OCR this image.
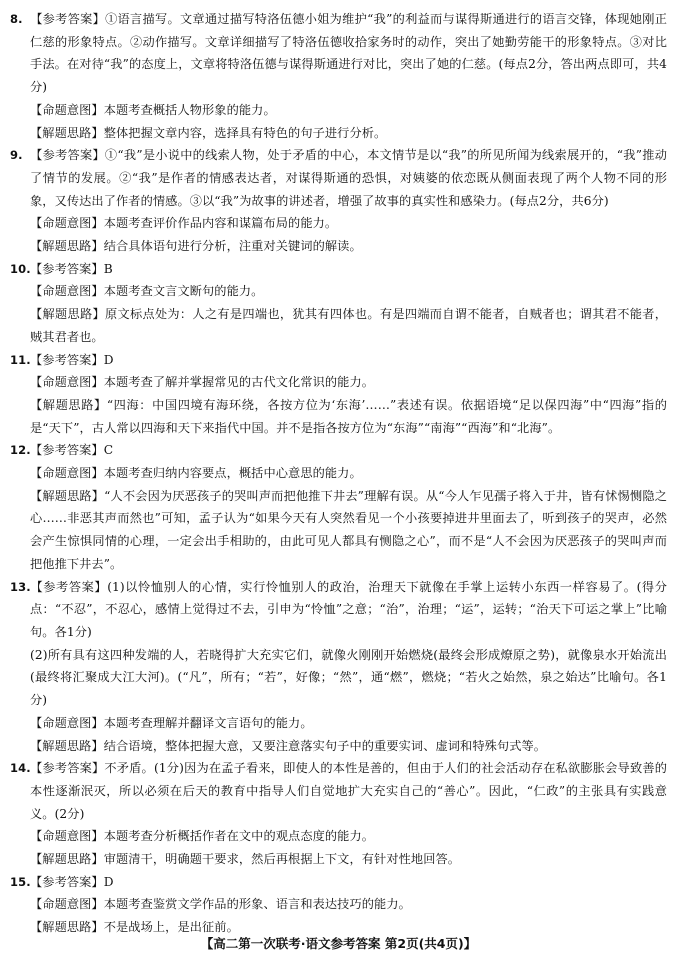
8. 【参考答案】①语言描写。文章通过描写特洛伍德小姐为维护“我”的利益而与谋得斯通进行的语言交锋，体现她刚正仁慈的形象特点。②动作描写。文章详细描写了特洛伍德收拾家务时的动作，突出了她勤劳能干的形象特点。③对比手法。在对待“我”的态度上，文章将特洛伍德与谋得斯通进行对比，突出了她的仁慈。(每点2分，答出两点即可，共4分)

【命题意图】本题考查概括人物形象的能力。

【解题思路】整体把握文章内容，选择具有特色的句子进行分析。

9. 【参考答案】①“我”是小说中的线索人物，处于矛盾的中心，本文情节是以“我”的所见所闻为线索展开的，“我”推动了情节的发展。②“我”是作者的情感表达者，对谋得斯通的恐惧，对姨婆的依恋既从侧面表现了两个人物不同的形象，又传达出了作者的情感。③以“我”为故事的讲述者，增强了故事的真实性和感染力。(每点2分，共6分)

【命题意图】本题考查评价作品内容和谋篇布局的能力。

【解题思路】结合具体语句进行分析，注重对关键词的解读。

10.【参考答案】B

【命题意图】本题考查文言文断句的能力。

【解题思路】原文标点处为：人之有是四端也，犹其有四体也。有是四端而自谓不能者，自贼者也；谓其君不能者，贼其君者也。

11.【参考答案】D

【命题意图】本题考查了解并掌握常见的古代文化常识的能力。

【解题思路】“四海：中国四境有海环绕，各按方位为‘东海’……”表述有误。依据语境“足以保四海”中“四海”指的是“天下”，古人常以四海和天下来指代中国。并不是指各按方位为“东海”“南海”“西海”和“北海”。

12.【参考答案】C

【命题意图】本题考查归纳内容要点，概括中心意思的能力。

【解题思路】“人不会因为厌恶孩子的哭叫声而把他推下井去”理解有误。从“今人乍见孺子将入于井，皆有怵惕恻隐之心……非恶其声而然也”可知，孟子认为“如果今天有人突然看见一个小孩要掉进井里面去了，听到孩子的哭声，必然会产生惊惧同情的心理，一定会出手相助的，由此可见人都具有恻隐之心”，而不是“人不会因为厌恶孩子的哭叫声而把他推下井去”。

13.【参考答案】(1)以怜恤别人的心情，实行怜恤别人的政治，治理天下就像在手掌上运转小东西一样容易了。(得分点：“不忍”，不忍心，感情上觉得过不去，引申为“怜恤”之意；“治”，治理；“运”，运转；“治天下可运之掌上”比喻句。各1分)

(2)所有具有这四种发端的人，若晓得扩大充实它们，就像火刚刚开始燃烧(最终会形成燎原之势)，就像泉水开始流出(最终将汇聚成大江大河)。(“凡”，所有；“若”，好像；“然”，通“燃”，燃烧；“若火之始然，泉之始达”比喻句。各1分)

【命题意图】本题考查理解并翻译文言语句的能力。

【解题思路】结合语境，整体把握大意，又要注意落实句子中的重要实词、虚词和特殊句式等。

14.【参考答案】不矛盾。(1分)因为在孟子看来，即使人的本性是善的，但由于人们的社会活动存在私欲膨胀会导致善的本性逐渐泯灭，所以必须在后天的教育中指导人们自觉地扩大充实自己的“善心”。因此，“仁政”的主张具有实践意义。(2分)

【命题意图】本题考查分析概括作者在文中的观点态度的能力。

【解题思路】审题清干，明确题干要求，然后再根据上下文，有针对性地回答。

15.【参考答案】D

【命题意图】本题考查鉴赏文学作品的形象、语言和表达技巧的能力。

【解题思路】不是战场上，是出征前。

【高二第一次联考·语文参考答案 第2页(共4页)】
